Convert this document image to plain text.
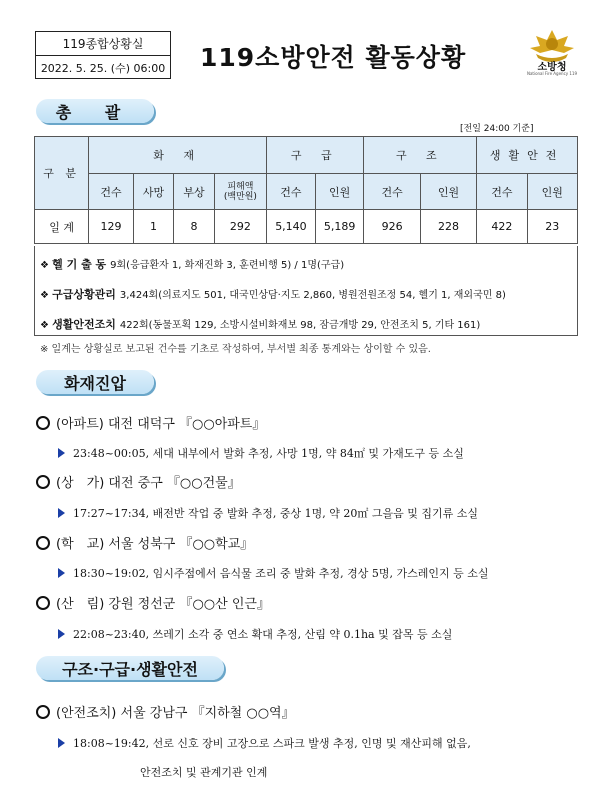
119종합상황실
2022. 5. 25. (수) 06:00 119소방안전 활동상황	소방청
National Fire Agency 119
총 괄
[전일 24:00 기준]
구 분	화 재				구 급		구 조		생활안전	
	건수	사망	부상	피해액
(백만원)	건수	인원	건수	인원	건수	인원
일 계	129	1	8	292	5,140	5,189	926	228	422	23
❖ 헬 기 출 동 9회(응급환자 1, 화재진화 3, 훈련비행 5) / 1명(구급)
❖ 구급상황관리 3,424회(의료지도 501, 대국민상담·지도 2,860, 병원전원조정 54, 헬기 1, 재외국민 8)
❖ 생활안전조치 422회(동물포획 129, 소방시설비화재보 98, 잠금개방 29, 안전조치 5, 기타 161)
※ 일계는 상황실로 보고된 건수를 기초로 작성하여, 부서별 최종 통계와는 상이할 수 있음.
화재진압
(아파트) 대전 대덕구 『○○아파트』
23:48~00:05, 세대 내부에서 발화 추정, 사망 1명, 약 84㎡ 및 가재도구 등 소실
(상　가) 대전 중구 『○○건물』
17:27~17:34, 배전반 작업 중 발화 추정, 중상 1명, 약 20㎡ 그을음 및 집기류 소실
(학　교) 서울 성북구 『○○학교』
18:30~19:02, 임시주점에서 음식물 조리 중 발화 추정, 경상 5명, 가스레인지 등 소실
(산　림) 강원 정선군 『○○산 인근』
22:08~23:40, 쓰레기 소각 중 연소 확대 추정, 산림 약 0.1ha 및 잡목 등 소실
구조·구급·생활안전
(안전조치) 서울 강남구 『지하철 ○○역』
18:08~19:42, 선로 신호 장비 고장으로 스파크 발생 추정, 인명 및 재산피해 없음,
안전조치 및 관계기관 인계
